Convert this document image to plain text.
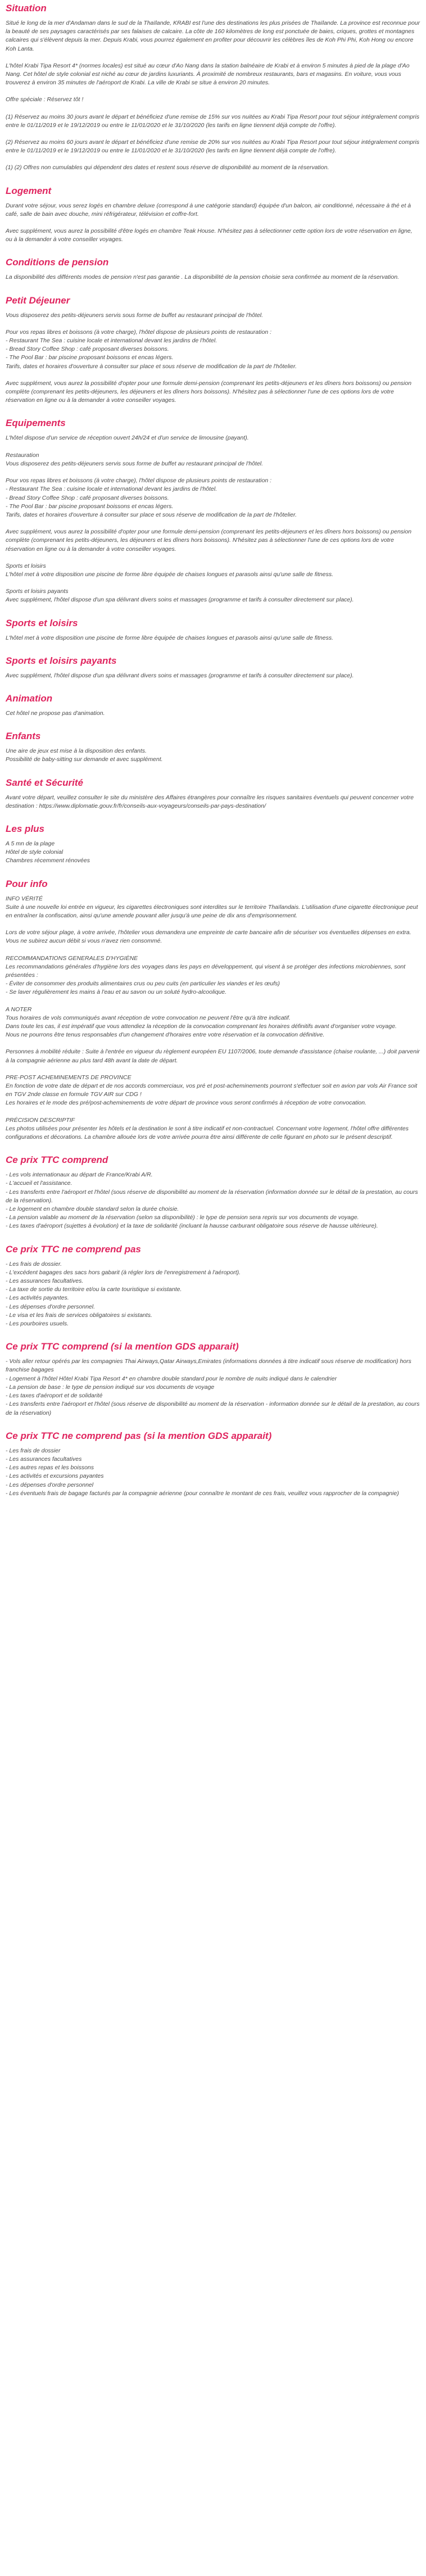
Situation

Situé le long de la mer d'Andaman dans le sud de la Thaïlande, KRABI est l'une des destinations les plus prisées de Thaïlande. La province est reconnue pour la beauté de ses paysages caractérisés par ses falaises de calcaire. La côte de 160 kilomètres de long est ponctuée de baies, criques, grottes et montagnes calcaires qui s'élèvent depuis la mer. Depuis Krabi, vous pourrez également en profiter pour découvrir les célèbres îles de Koh Phi Phi, Koh Hong ou encore Koh Lanta.

L'hôtel Krabi Tipa Resort 4* (normes locales) est situé au cœur d'Ao Nang dans la station balnéaire de Krabi et à environ 5 minutes à pied de la plage d'Ao Nang. Cet hôtel de style colonial est niché au cœur de jardins luxuriants. À proximité de nombreux restaurants, bars et magasins. En voiture, vous vous trouverez à environ 35 minutes de l'aéroport de Krabi. La ville de Krabi se situe à environ 20 minutes.

Offre spéciale : Réservez tôt !

(1) Réservez au moins 30 jours avant le départ et bénéficiez d'une remise de 15% sur vos nuitées au Krabi Tipa Resort pour tout séjour intégralement compris entre le 01/11/2019 et le 19/12/2019 ou entre le 11/01/2020 et le 31/10/2020 (les tarifs en ligne tiennent déjà compte de l'offre).

(2) Réservez au moins 60 jours avant le départ et bénéficiez d'une remise de 20% sur vos nuitées au Krabi Tipa Resort pour tout séjour intégralement compris entre le 01/11/2019 et le 19/12/2019 ou entre le 11/01/2020 et le 31/10/2020 (les tarifs en ligne tiennent déjà compte de l'offre).

(1) (2) Offres non cumulables qui dépendent des dates et restent sous réserve de disponibilité au moment de la réservation.

Logement

Durant votre séjour, vous serez logés en chambre deluxe (correspond à une catégorie standard) équipée d'un balcon, air conditionné, nécessaire à thé et à café, salle de bain avec douche, mini réfrigérateur, télévision et coffre-fort.

Avec supplément, vous aurez la possibilité d'être logés en chambre Teak House. N'hésitez pas à sélectionner cette option lors de votre réservation en ligne, ou à la demander à votre conseiller voyages.

Conditions de pension

La disponibilité des différents modes de pension n'est pas garantie . La disponibilité de la pension choisie sera confirmée au moment de la réservation.

Petit Déjeuner

Vous disposerez des petits-déjeuners servis sous forme de buffet au restaurant principal de l'hôtel.

Pour vos repas libres et boissons (à votre charge), l'hôtel dispose de plusieurs points de restauration :
- Restaurant The Sea : cuisine locale et international devant les jardins de l'hôtel.
- Bread Story Coffee Shop : café proposant diverses boissons.
- The Pool Bar : bar piscine proposant boissons et encas légers.
Tarifs, dates et horaires d'ouverture à consulter sur place et sous réserve de modification de la part de l'hôtelier.

Avec supplément, vous aurez la possibilité d'opter pour une formule demi-pension (comprenant les petits-déjeuners et les dîners hors boissons) ou pension complète (comprenant les petits-déjeuners, les déjeuners et les dîners hors boissons). N'hésitez pas à sélectionner l'une de ces options lors de votre réservation en ligne ou à la demander à votre conseiller voyages.

Equipements

L'hôtel dispose d'un service de réception ouvert 24h/24 et d'un service de limousine (payant).

Restauration
Vous disposerez des petits-déjeuners servis sous forme de buffet au restaurant principal de l'hôtel.

Pour vos repas libres et boissons (à votre charge), l'hôtel dispose de plusieurs points de restauration :
- Restaurant The Sea : cuisine locale et international devant les jardins de l'hôtel.
- Bread Story Coffee Shop : café proposant diverses boissons.
- The Pool Bar : bar piscine proposant boissons et encas légers.
Tarifs, dates et horaires d'ouverture à consulter sur place et sous réserve de modification de la part de l'hôtelier.

Avec supplément, vous aurez la possibilité d'opter pour une formule demi-pension (comprenant les petits-déjeuners et les dîners hors boissons) ou pension complète (comprenant les petits-déjeuners, les déjeuners et les dîners hors boissons). N'hésitez pas à sélectionner l'une de ces options lors de votre réservation en ligne ou à la demander à votre conseiller voyages.

Sports et loisirs
L'hôtel met à votre disposition une piscine de forme libre équipée de chaises longues et parasols ainsi qu'une salle de fitness.

Sports et loisirs payants
Avec supplément, l'hôtel dispose d'un spa délivrant divers soins et massages (programme et tarifs à consulter directement sur place).

Sports et loisirs

L'hôtel met à votre disposition une piscine de forme libre équipée de chaises longues et parasols ainsi qu'une salle de fitness.

Sports et loisirs payants

Avec supplément, l'hôtel dispose d'un spa délivrant divers soins et massages (programme et tarifs à consulter directement sur place).

Animation

Cet hôtel ne propose pas d'animation.

Enfants

Une aire de jeux est mise à la disposition des enfants.
Possibilité de baby-sitting sur demande et avec supplément.

Santé et Sécurité

Avant votre départ, veuillez consulter le site du ministère des Affaires étrangères pour connaître les risques sanitaires éventuels qui peuvent concerner votre destination : https://www.diplomatie.gouv.fr/fr/conseils-aux-voyageurs/conseils-par-pays-destination/

Les plus

A 5 mn de la plage
Hôtel de style colonial
Chambres récemment rénovées

Pour info

INFO VÉRITÉ
Suite à une nouvelle loi entrée en vigueur, les cigarettes électroniques sont interdites sur le territoire Thaïlandais. L'utilisation d'une cigarette électronique peut en entraîner la confiscation, ainsi qu'une amende pouvant aller jusqu'à une peine de dix ans d'emprisonnement.

Lors de votre séjour plage, à votre arrivée, l'hôtelier vous demandera une empreinte de carte bancaire afin de sécuriser vos éventuelles dépenses en extra.
Vous ne subirez aucun débit si vous n'avez rien consommé.

RECOMMANDATIONS GENERALES D'HYGIÈNE
Les recommandations générales d'hygiène lors des voyages dans les pays en développement, qui visent à se protéger des infections microbiennes, sont présentées :
- Éviter de consommer des produits alimentaires crus ou peu cuits (en particulier les viandes et les œufs)
- Se laver régulièrement les mains à l'eau et au savon ou un soluté hydro-alcoolique.

A NOTER
Tous horaires de vols communiqués avant réception de votre convocation ne peuvent l'être qu'à titre indicatif.
Dans toute les cas, il est impératif que vous attendiez la réception de la convocation comprenant les horaires définitifs avant d'organiser votre voyage.
Nous ne pourrons être tenus responsables d'un changement d'horaires entre votre réservation et la convocation définitive.

Personnes à mobilité réduite : Suite à l'entrée en vigueur du règlement européen EU 1107/2006, toute demande d'assistance (chaise roulante, ...) doit parvenir à la compagnie aérienne au plus tard 48h avant la date de départ.

PRE-POST ACHEMINEMENTS DE PROVINCE
En fonction de votre date de départ et de nos accords commerciaux, vos pré et post-acheminements pourront s'effectuer soit en avion par vols Air France soit en TGV 2nde classe en formule TGV AIR sur CDG !
Les horaires et le mode des pré/post-acheminements de votre départ de province vous seront confirmés à réception de votre convocation.

PRÉCISION DESCRIPTIF
Les photos utilisées pour présenter les hôtels et la destination le sont à titre indicatif et non-contractuel. Concernant votre logement, l'hôtel offre différentes configurations et décorations. La chambre allouée lors de votre arrivée pourra être ainsi différente de celle figurant en photo sur le présent descriptif.

Ce prix TTC comprend

- Les vols internationaux au départ de France/Krabi A/R.
- L'accueil et l'assistance.
- Les transferts entre l'aéroport et l'hôtel (sous réserve de disponibilité au moment de la réservation (information donnée sur le détail de la prestation, au cours de la réservation).
- Le logement en chambre double standard selon la durée choisie.
- La pension valable au moment de la réservation (selon sa disponibilité) : le type de pension sera repris sur vos documents de voyage.
- Les taxes d'aéroport (sujettes à évolution) et la taxe de solidarité (incluant la hausse carburant obligatoire sous réserve de hausse ultérieure).

Ce prix TTC ne comprend pas

- Les frais de dossier.
- L'excédent bagages des sacs hors gabarit (à régler lors de l'enregistrement à l'aéroport).
- Les assurances facultatives.
- La taxe de sortie du territoire et/ou la carte touristique si existante.
- Les activités payantes.
- Les dépenses d'ordre personnel.
- Le visa et les frais de services obligatoires si existants.
- Les pourboires usuels.

Ce prix TTC comprend (si la mention GDS apparait)

- Vols aller retour opérés par les compagnies Thai Airways,Qatar Airways,Emirates (informations données à titre indicatif sous réserve de modification) hors franchise bagages
- Logement à l'hôtel Hôtel Krabi Tipa Resort 4* en chambre double standard pour le nombre de nuits indiqué dans le calendrier
- La pension de base : le type de pension indiqué sur vos documents de voyage
- Les taxes d'aéroport et de solidarité
- Les transferts entre l'aéroport et l'hôtel (sous réserve de disponibilité au moment de la réservation - information donnée sur le détail de la prestation, au cours de la réservation)

Ce prix TTC ne comprend pas (si la mention GDS apparait)

- Les frais de dossier
- Les assurances facultatives
- Les autres repas et les boissons
- Les activités et excursions payantes
- Les dépenses d'ordre personnel
- Les éventuels frais de bagage facturés par la compagnie aérienne (pour connaître le montant de ces frais, veuillez vous rapprocher de la compagnie)
